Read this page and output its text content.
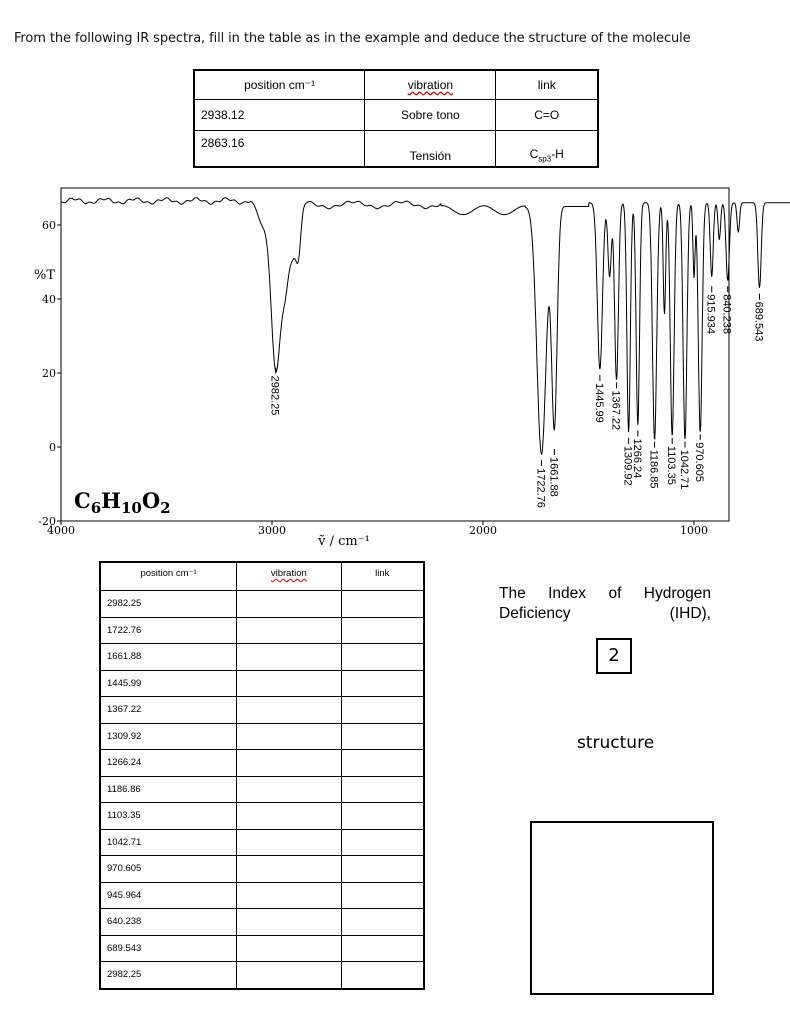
From the following IR spectra, fill in the table as in the example and deduce the structure of the molecule
position cm⁻¹	vibration	link
2938.12	Sobre tono	C=O
2863.16	Tensión	$C_{sp3}-H$
4000	3000	2000	1000
-20
0
20
40
60
2982.25
1722.76 1661.88
1445.99 1367.22
1309.92
1266.24 1186.85 1103.35 1042.71 970.605
915.934 840.238 689.543
%T
ṽ / cm⁻¹
$C_6H_{10}O_2$
position cm⁻¹	vibration	link
2982.25		
1722.76		
1661.88		
1445.99		
1367.22		
1309.92		
1266.24		
1186.86		
1103.35		
1042.71		
970.605		
945.964		
640.238		
689.543		
2982.25		
The Index of Hydrogen Deficiency (IHD),
2
structure
